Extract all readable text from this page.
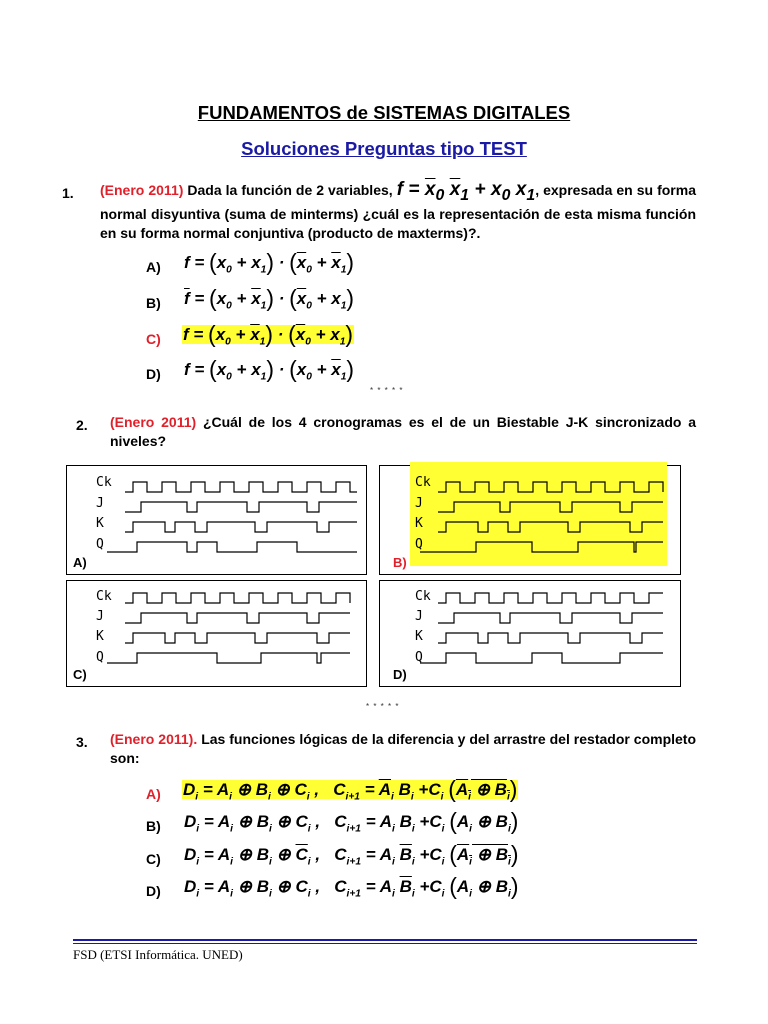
FUNDAMENTOS de SISTEMAS DIGITALES
Soluciones Preguntas tipo TEST
1. (Enero 2011) Dada la función de 2 variables, $f = \overline{x}_0$ $\overline{x}_1 + x_0$ $x_1$, expresada en su forma normal disyuntiva (suma de minterms) ¿cuál es la representación de esta misma función en su forma normal conjuntiva (producto de maxterms)?.
A) $f = (x_0 + x_1) \cdot (\overline{x}_0 + \overline{x}_1)$
B) $\overline{f} = (x_0 + \overline{x}_1) \cdot (\overline{x}_0 + x_1)$
C) $f = (x_0 + \overline{x}_1) \cdot (\overline{x}_0 + x_1)$
D) $f = (x_0 + x_1) \cdot (x_0 + \overline{x}_1)$
* * * * *
2. (Enero 2011) ¿Cuál de los 4 cronogramas es el de un Biestable J-K sincronizado a niveles?
Ck
J
K
Q
A)
Ck
J
K
Q
B)
Ck
J
K
Q
C)
Ck
J
K
Q
D)
* * * * *
3. (Enero 2011). Las funciones lógicas de la diferencia y del arrastre del restador completo son:
A) $D_i = A_i$ ⊕ $B_i$ ⊕ $C_i$ ,   $C_{i+1} = \overline{A}_i$ $B_i +C_i$ ($A_i$ ⊕ $B_i$)
B) $D_i = A_i$ ⊕ $B_i$ ⊕ $C_i$ ,   $C_{i+1} = A_i$ $B_i +C_i$ ($A_i$ ⊕ $B_i$)
C) $D_i = A_i$ ⊕ $B_i$ ⊕ $\overline{C}_i$ ,   $C_{i+1} = A_i$ $\overline{B}_i +C_i$ ($A_i$ ⊕ $B_i$)
D) $D_i = A_i$ ⊕ $B_i$ ⊕ $C_i$ ,   $C_{i+1} = A_i$ $\overline{B}_i +C_i$ ($A_i$ ⊕ $B_i$)
FSD (ETSI Informática. UNED)
